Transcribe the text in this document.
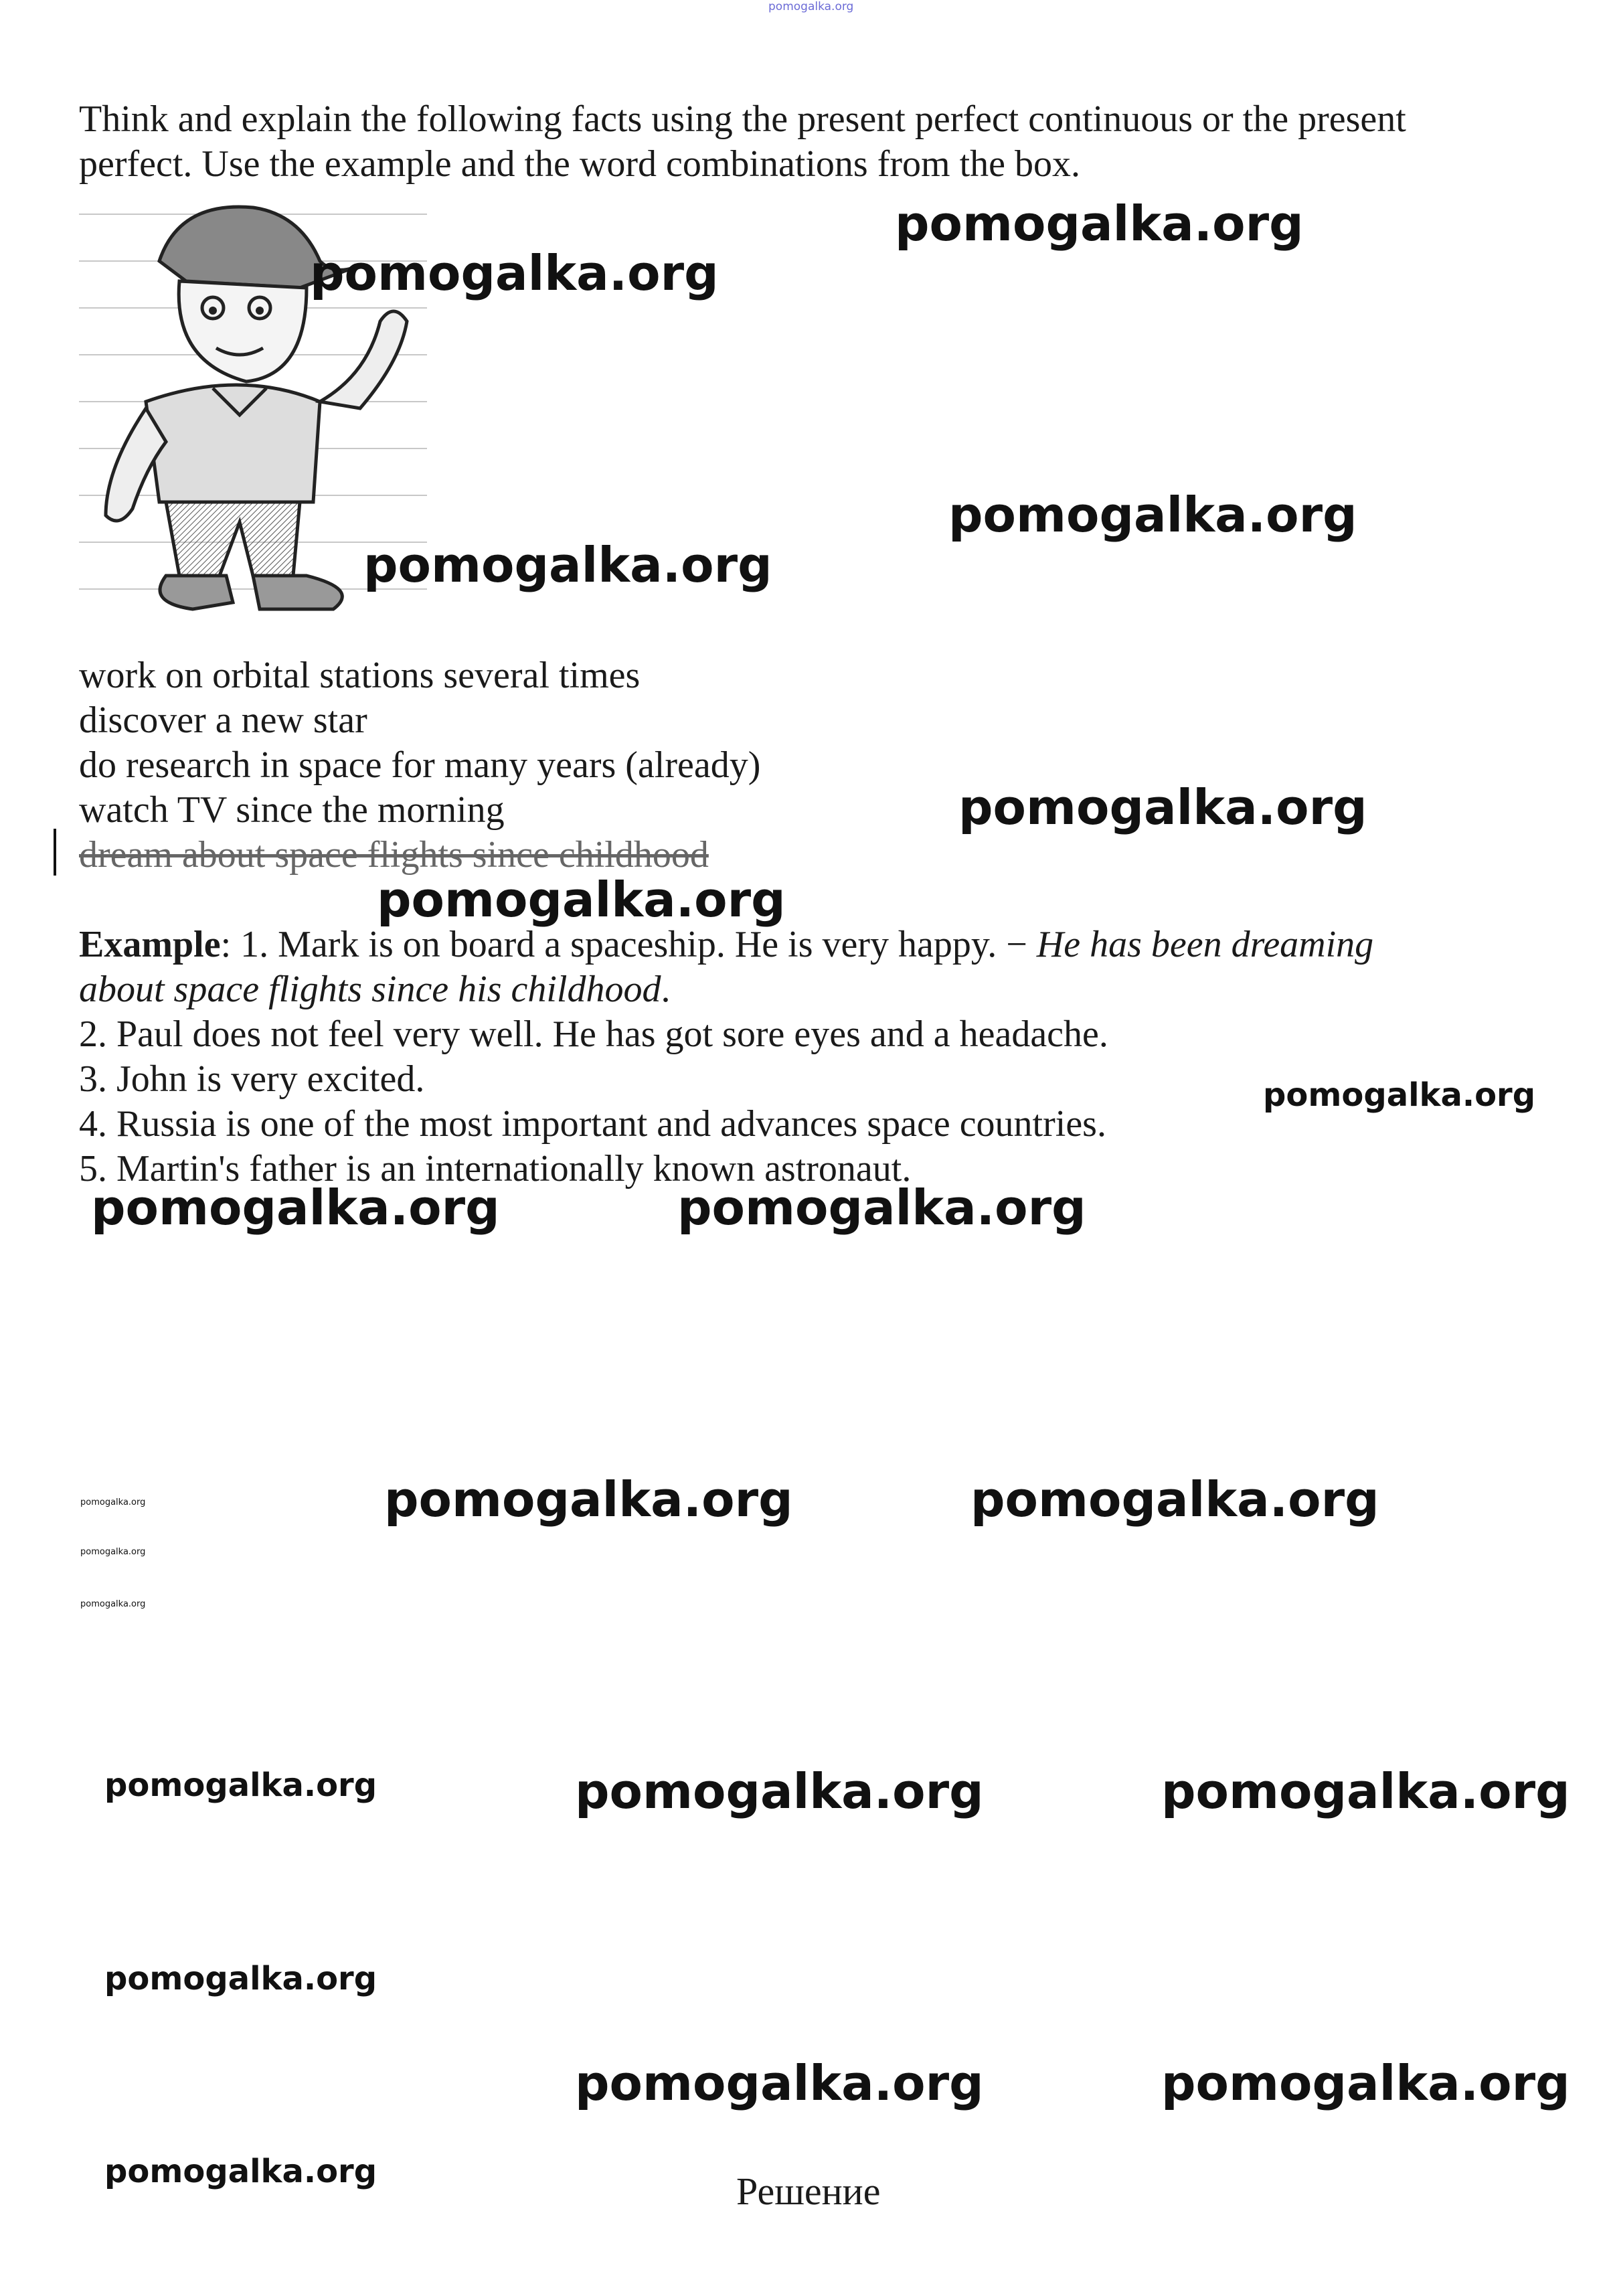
pomogalka.org
Think and explain the following facts using the present perfect continuous or the present
perfect. Use the example and the word combinations from the box.
pomogalka.org
pomogalka.org
pomogalka.org
pomogalka.org
work on orbital stations several times
discover a new star
do research in space for many years (already)
watch TV since the morning
dream about space flights since childhood
pomogalka.org
pomogalka.org
Example: 1. Mark is on board a spaceship. He is very happy. − He has been dreaming
about space flights since his childhood.
2. Paul does not feel very well. He has got sore eyes and a headache.
3. John is very excited.
4. Russia is one of the most important and advances space countries.
5. Martin's father is an internationally known astronaut.
pomogalka.org
pomogalka.org	pomogalka.org
pomogalka.org
pomogalka.org
pomogalka.org
pomogalka.org	pomogalka.org
pomogalka.org	pomogalka.org	pomogalka.org
pomogalka.org
pomogalka.org	pomogalka.org
pomogalka.org	Решение
